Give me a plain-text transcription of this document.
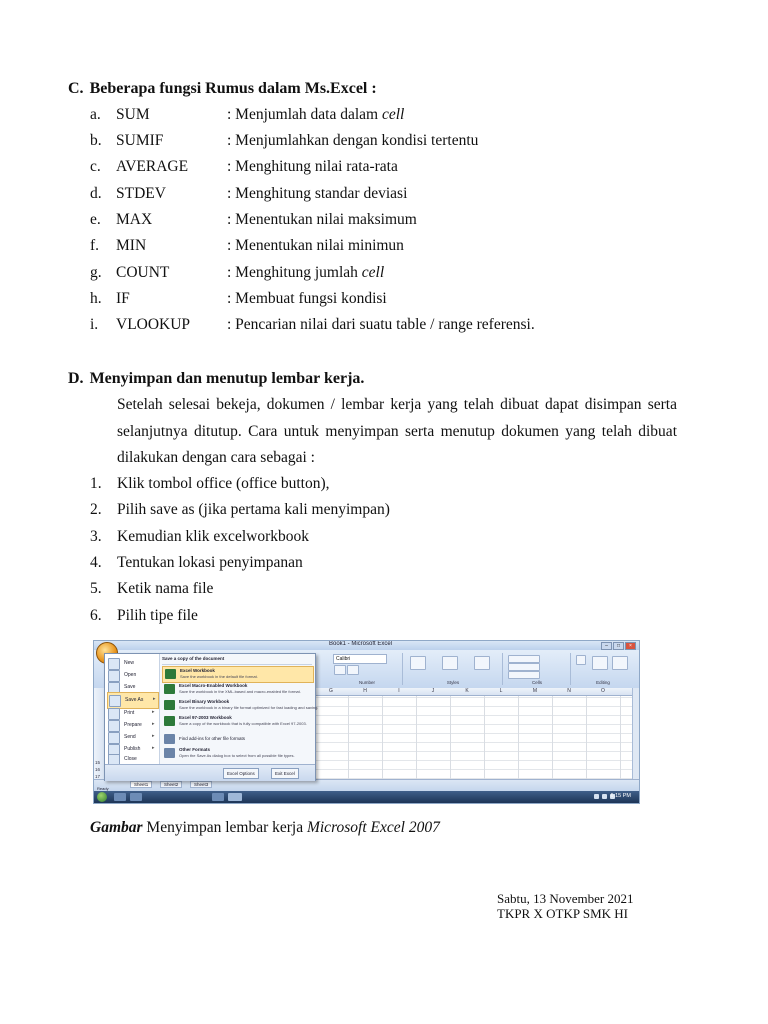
C. Beberapa fungsi Rumus dalam Ms.Excel :
a. SUM	: Menjumlah data dalam cell
b. SUMIF	: Menjumlahkan dengan kondisi tertentu
c. AVERAGE	: Menghitung nilai rata-rata
d. STDEV	: Menghitung standar deviasi
e. MAX	: Menentukan nilai maksimum
f. MIN	: Menentukan nilai minimun
g. COUNT	: Menghitung jumlah cell
h. IF	: Membuat fungsi kondisi
i. VLOOKUP : Pencarian nilai dari suatu table / range referensi.
D. Menyimpan dan menutup lembar kerja.
Setelah selesai bekeja, dokumen / lembar kerja yang telah dibuat dapat disimpan serta selanjutnya ditutup. Cara untuk menyimpan serta menutup dokumen yang telah dibuat dilakukan dengan cara sebagai :
1. Klik tombol office (office button),
2. Pilih save as (jika pertama kali menyimpan)
3. Kemudian klik excelworkbook
4. Tentukan lokasi penyimpanan
5. Ketik nama file
6. Pilih tipe file
Book1 - Microsoft Excel	–	□	×
Calibri
Number	Styles	Cells	Editing
G	H	I	J	K	L	M	N	O
15
16
17
Sheet1	Sheet2	Sheet3
Ready
6:15 PM
New
Open
Save
Save As ▸
Print	▸
Prepare ▸
Send	▸
Publish ▸
Close
Save a copy of the document
Excel Workbook
Save the workbook in the default file format.
Excel Macro-Enabled Workbook
Save the workbook in the XML-based and macro-enabled file format.
Excel Binary Workbook
Save the workbook in a binary file format optimized for fast loading and saving.
Excel 97-2003 Workbook
Save a copy of the workbook that is fully compatible with Excel 97-2003.
Find add-ins for other file formats
Other Formats
Open the Save As dialog box to select from all possible file types.
Excel Options	Exit Excel
Gambar Menyimpan lembar kerja Microsoft Excel 2007
Sabtu, 13 November 2021
TKPR X OTKP SMK HI
